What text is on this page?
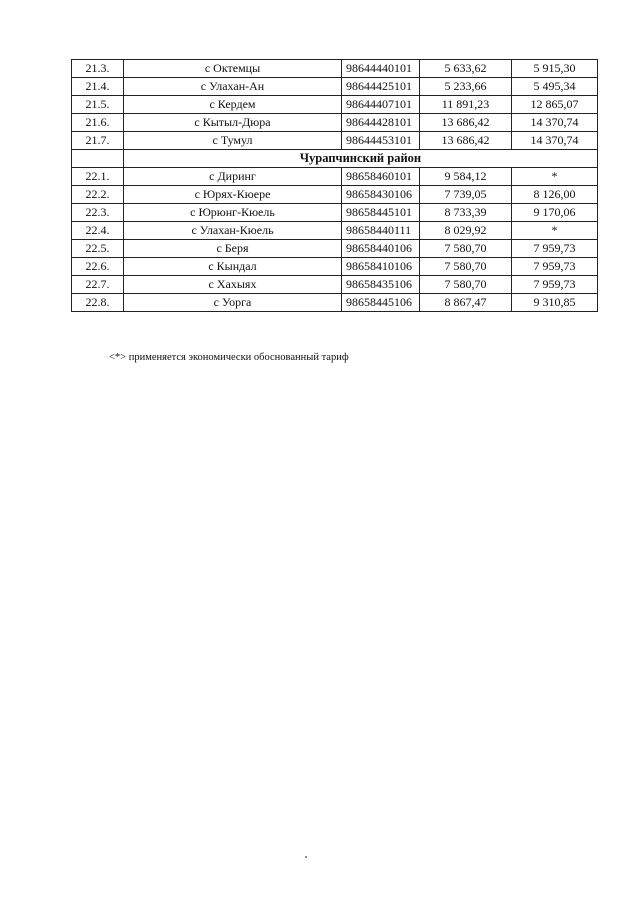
21.3.	с Октемцы	98644440101	5 633,62	5 915,30
21.4.	с Улахан-Ан	98644425101	5 233,66	5 495,34
21.5.	с Кердем	98644407101	11 891,23	12 865,07
21.6.	с Кытыл-Дюра	98644428101	13 686,42	14 370,74
21.7.	с Тумул	98644453101	13 686,42	14 370,74
	Чурапчинский район			
22.1.	с Диринг	98658460101	9 584,12	*
22.2.	с Юрях-Кюере	98658430106	7 739,05	8 126,00
22.3.	с Юрюнг-Кюель	98658445101	8 733,39	9 170,06
22.4.	с Улахан-Кюель	98658440111	8 029,92	*
22.5.	с Беря	98658440106	7 580,70	7 959,73
22.6.	с Кындал	98658410106	7 580,70	7 959,73
22.7.	с Хахыях	98658435106	7 580,70	7 959,73
22.8.	с Уорга	98658445106	8 867,47	9 310,85
<*> применяется экономически обоснованный тариф
